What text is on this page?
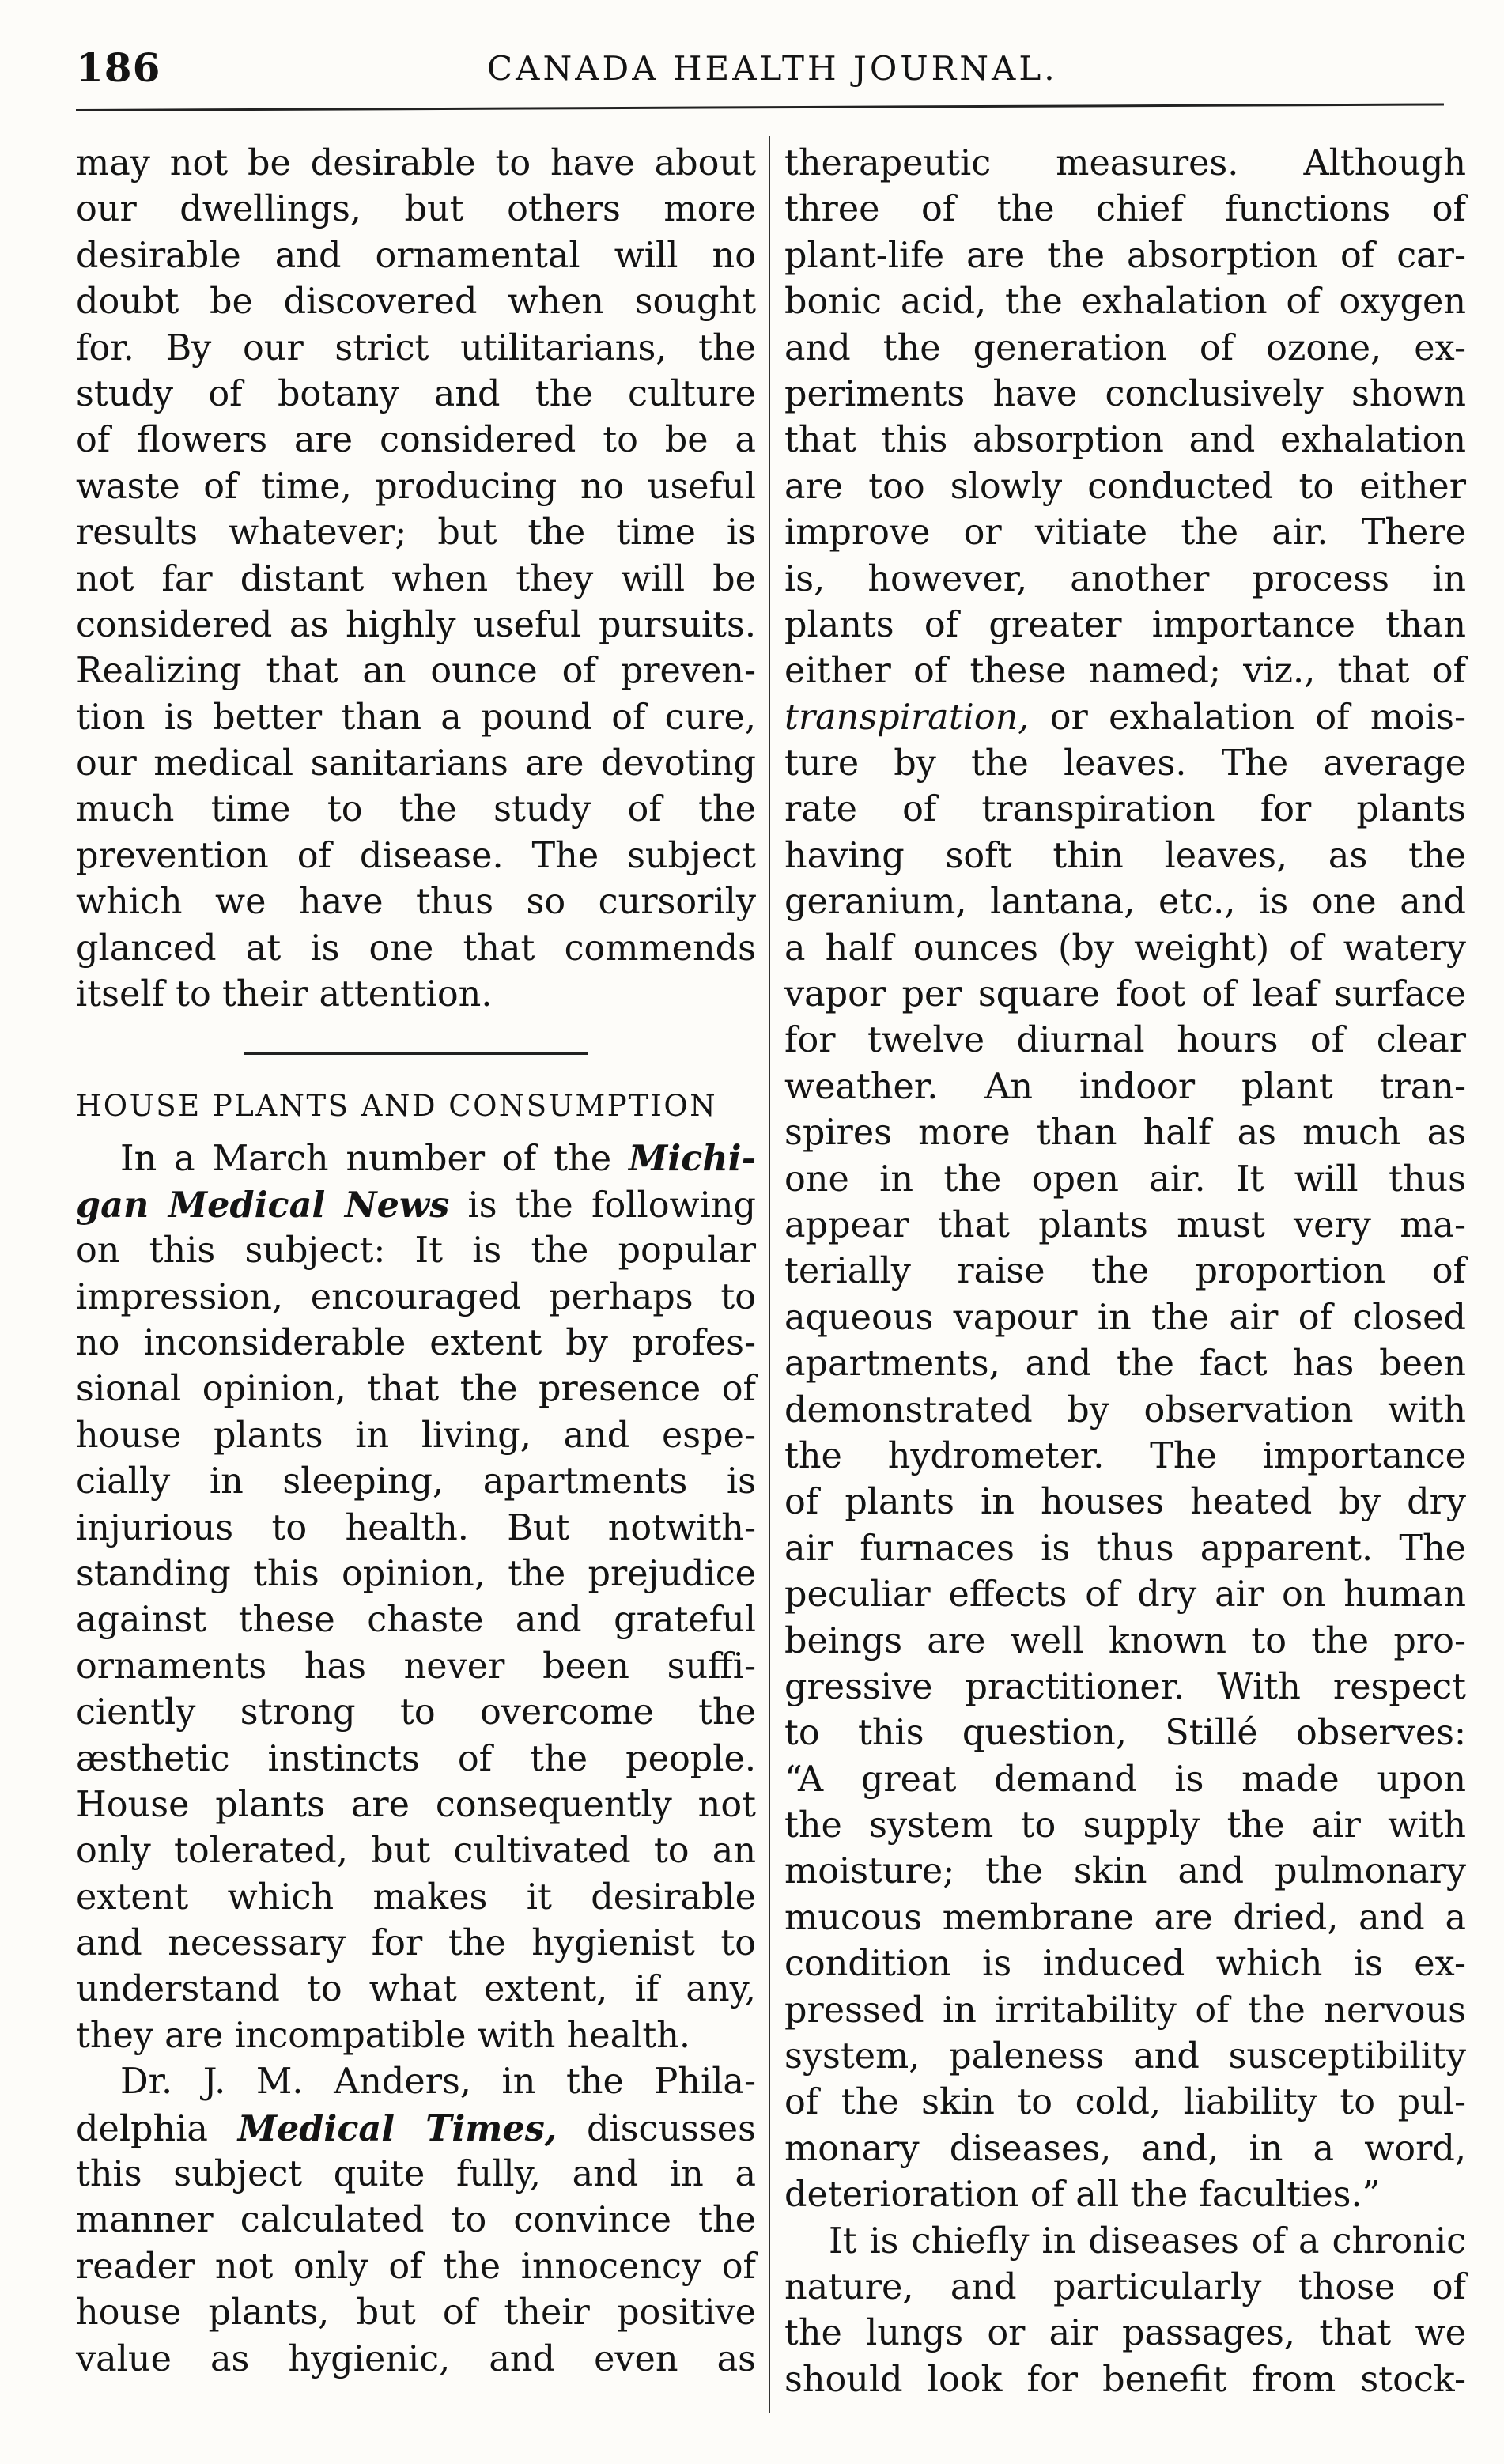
186	CANADA HEALTH JOURNAL.
may not be desirable to have about
our dwellings, but others more
desirable and ornamental will no
doubt be discovered when sought
for. By our strict utilitarians, the
study of botany and the culture
of flowers are considered to be a
waste of time, producing no useful
results whatever; but the time is
not far distant when they will be
considered as highly useful pursuits.
Realizing that an ounce of preven-
tion is better than a pound of cure,
our medical sanitarians are devoting
much time to the study of the
prevention of disease. The subject
which we have thus so cursorily
glanced at is one that commends
itself to their attention.
HOUSE PLANTS AND CONSUMPTION
In a March number of the Michi-
gan Medical News is the following
on this subject: It is the popular
impression, encouraged perhaps to
no inconsiderable extent by profes-
sional opinion, that the presence of
house plants in living, and espe-
cially in sleeping, apartments is
injurious to health. But notwith-
standing this opinion, the prejudice
against these chaste and grateful
ornaments has never been suffi-
ciently strong to overcome the
æsthetic instincts of the people.
House plants are consequently not
only tolerated, but cultivated to an
extent which makes it desirable
and necessary for the hygienist to
understand to what extent, if any,
they are incompatible with health.
Dr. J. M. Anders, in the Phila-
delphia Medical Times, discusses
this subject quite fully, and in a
manner calculated to convince the
reader not only of the innocency of
house plants, but of their positive
value as hygienic, and even as
therapeutic measures. Although
three of the chief functions of
plant-life are the absorption of car-
bonic acid, the exhalation of oxygen
and the generation of ozone, ex-
periments have conclusively shown
that this absorption and exhalation
are too slowly conducted to either
improve or vitiate the air. There
is, however, another process in
plants of greater importance than
either of these named; viz., that of
transpiration, or exhalation of mois-
ture by the leaves. The average
rate of transpiration for plants
having soft thin leaves, as the
geranium, lantana, etc., is one and
a half ounces (by weight) of watery
vapor per square foot of leaf surface
for twelve diurnal hours of clear
weather. An indoor plant tran-
spires more than half as much as
one in the open air. It will thus
appear that plants must very ma-
terially raise the proportion of
aqueous vapour in the air of closed
apartments, and the fact has been
demonstrated by observation with
the hydrometer. The importance
of plants in houses heated by dry
air furnaces is thus apparent. The
peculiar effects of dry air on human
beings are well known to the pro-
gressive practitioner. With respect
to this question, Stillé observes:
“A great demand is made upon
the system to supply the air with
moisture; the skin and pulmonary
mucous membrane are dried, and a
condition is induced which is ex-
pressed in irritability of the nervous
system, paleness and susceptibility
of the skin to cold, liability to pul-
monary diseases, and, in a word,
deterioration of all the faculties.”
It is chiefly in diseases of a chronic
nature, and particularly those of
the lungs or air passages, that we
should look for benefit from stock-
